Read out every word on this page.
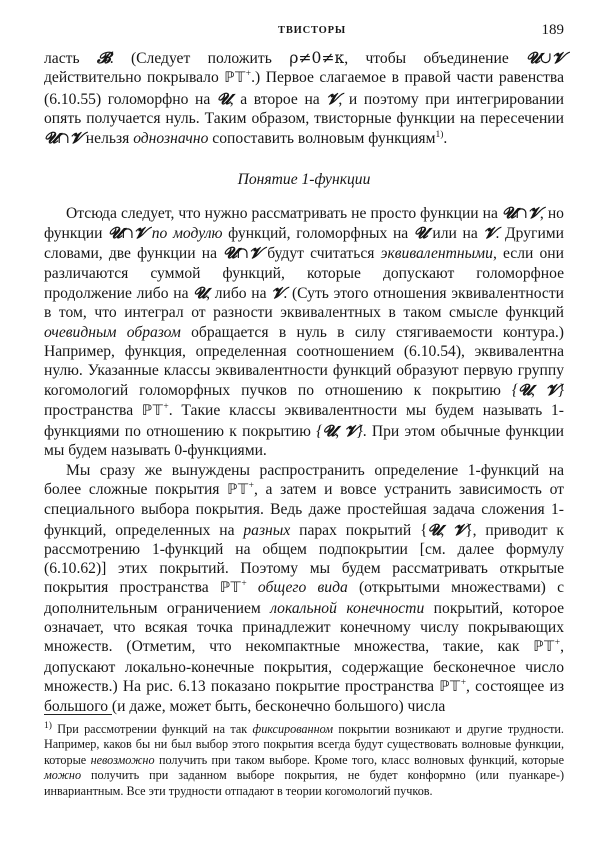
ТВИСТОРЫ	189

ласть 𝓑. (Следует положить ρ≠0≠κ, чтобы объединение 𝓤∪𝓥 действительно покрывало ℙ𝕋+.) Первое слагаемое в правой части равенства (6.10.55) голоморфно на 𝓤, а второе на 𝓥, и поэтому при интегрировании опять получается нуль. Таким образом, твисторные функции на пересечении 𝓤∩𝓥 нельзя однозначно сопоставить волновым функциям$^{1)}$.

Понятие 1-функции

Отсюда следует, что нужно рассматривать не просто функции на 𝓤∩𝓥, но функции 𝓤∩𝓥 по модулю функций, голоморфных на 𝓤 или на 𝓥. Другими словами, две функции на 𝓤∩𝓥 будут считаться эквивалентными, если они различаются суммой функций, которые допускают голоморфное продолжение либо на 𝓤, либо на 𝓥. (Суть этого отношения эквивалентности в том, что интеграл от разности эквивалентных в таком смысле функций очевидным образом обращается в нуль в силу стягиваемости контура.) Например, функция, определенная соотношением (6.10.54), эквивалентна нулю. Указанные классы эквивалентности функций образуют первую группу когомологий голоморфных пучков по отношению к покрытию {𝓤, 𝓥} пространства ℙ𝕋+. Такие классы эквивалентности мы будем называть 1-функциями по отношению к покрытию {𝓤, 𝓥}. При этом обычные функции мы будем называть 0-функциями.

Мы сразу же вынуждены распространить определение 1-функций на более сложные покрытия ℙ𝕋+, а затем и вовсе устранить зависимость от специального выбора покрытия. Ведь даже простейшая задача сложения 1-функций, определенных на разных парах покрытий {𝓤, 𝓥}, приводит к рассмотрению 1-функций на общем подпокрытии [см. далее формулу (6.10.62)] этих покрытий. Поэтому мы будем рассматривать открытые покрытия пространства ℙ𝕋+ общего вида (открытыми множествами) с дополнительным ограничением локальной конечности покрытий, которое означает, что всякая точка принадлежит конечному числу покрывающих множеств. (Отметим, что некомпактные множества, такие, как ℙ𝕋+, допускают локально-конечные покрытия, содержащие бесконечное число множеств.) На рис. 6.13 показано покрытие пространства ℙ𝕋+, состоящее из большого (и даже, может быть, бесконечно большого) числа

$^{1)}$ При рассмотрении функций на так фиксированном покрытии возникают и другие трудности. Например, каков бы ни был выбор этого покрытия всегда будут существовать волновые функции, которые невозможно получить при таком выборе. Кроме того, класс волновых функций, которые можно получить при заданном выборе покрытия, не будет конформно (или пуанкаре-) инвариантным. Все эти трудности отпадают в теории когомологий пучков.
